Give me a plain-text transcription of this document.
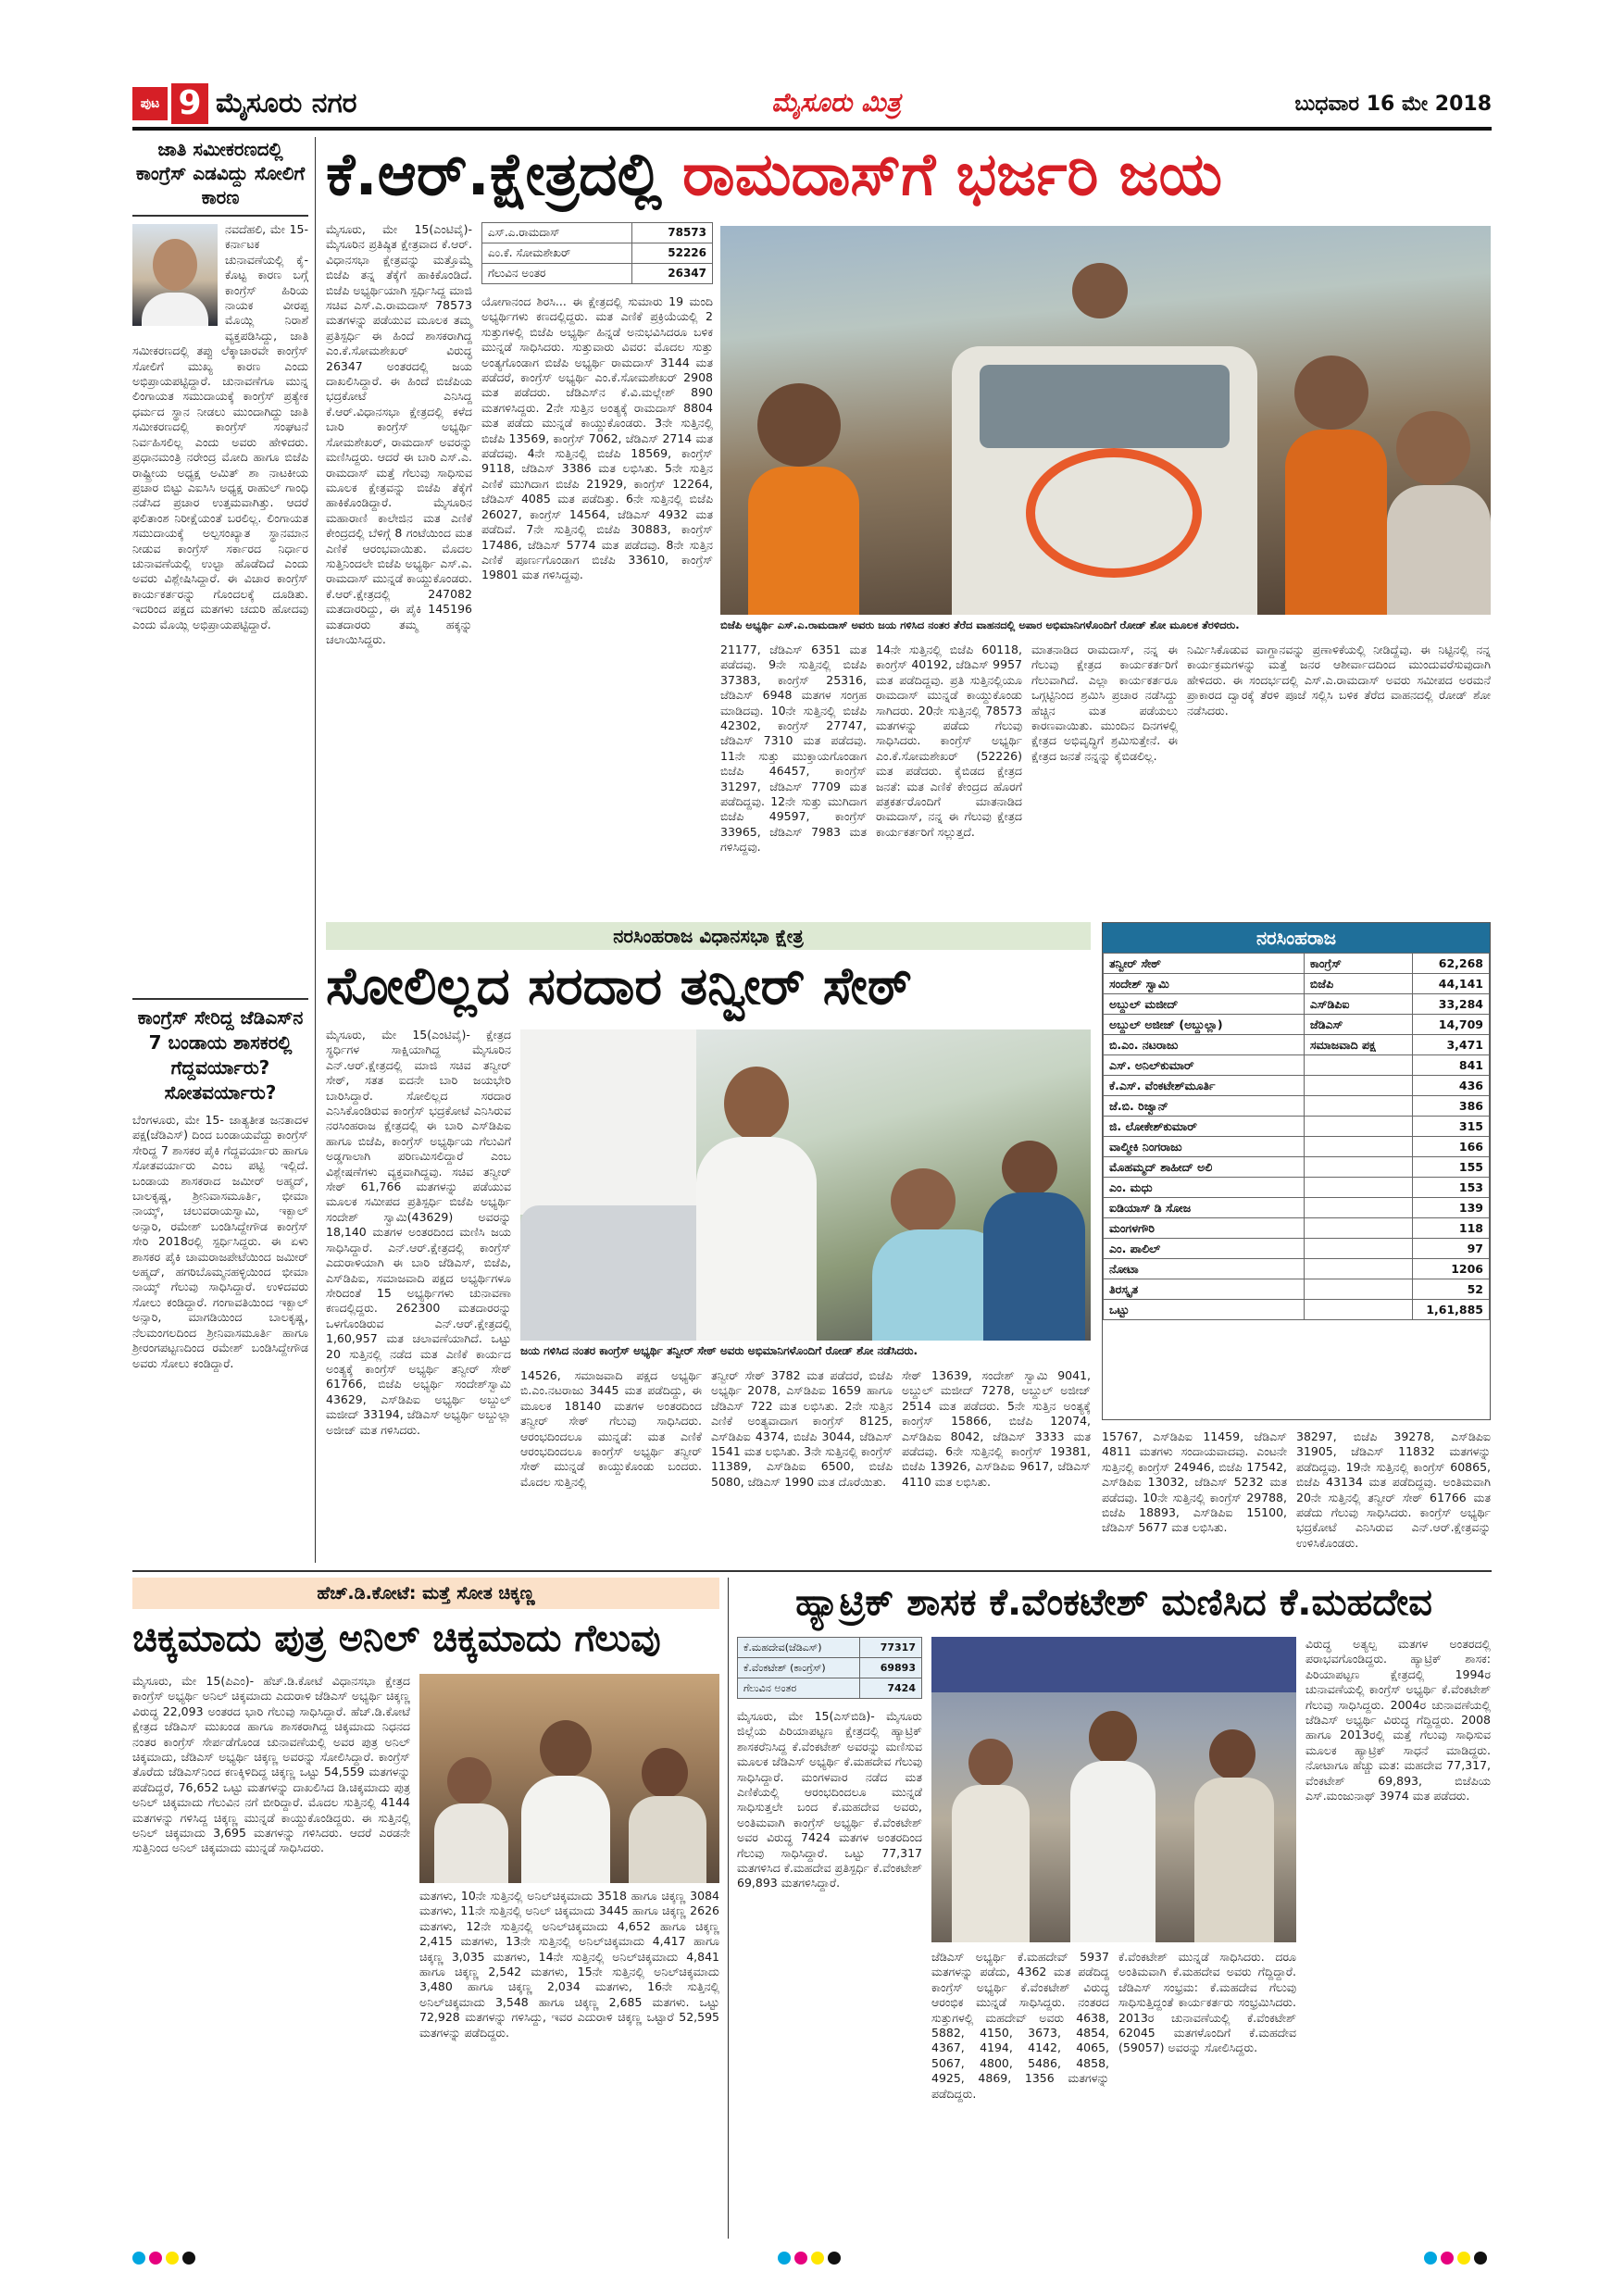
ಪುಟ 9 ಮೈಸೂರು ನಗರ	ಮೈಸೂರು ಮಿತ್ರ	ಬುಧವಾರ 16 ಮೇ 2018
ಜಾತಿ ಸಮೀಕರಣದಲ್ಲಿ ಕಾಂಗ್ರೆಸ್ ಎಡವಿದ್ದು ಸೋಲಿಗೆ ಕಾರಣ
ನವದೆಹಲಿ, ಮೇ 15- ಕರ್ನಾಟಕ ಚುನಾವಣೆಯಲ್ಲಿ ಕೈ-ಕೊಟ್ಟ ಕಾರಣ ಬಗ್ಗೆ ಕಾಂಗ್ರೆಸ್ ಹಿರಿಯ ನಾಯಕ ವೀರಪ್ಪ ಮೊಯ್ಲಿ ನಿರಾಶೆ ವ್ಯಕ್ತಪಡಿಸಿದ್ದು, ಜಾತಿ ಸಮೀಕರಣದಲ್ಲಿ ತಪ್ಪು ಲೆಕ್ಕಾಚಾರವೇ ಕಾಂಗ್ರೆಸ್ ಸೋಲಿಗೆ ಮುಖ್ಯ ಕಾರಣ ಎಂದು ಅಭಿಪ್ರಾಯಪಟ್ಟಿದ್ದಾರೆ. ಚುನಾವಣೆಗೂ ಮುನ್ನ ಲಿಂಗಾಯತ ಸಮುದಾಯಕ್ಕೆ ಕಾಂಗ್ರೆಸ್ ಪ್ರತ್ಯೇಕ ಧರ್ಮದ ಸ್ಥಾನ ನೀಡಲು ಮುಂದಾಗಿದ್ದು ಜಾತಿ ಸಮೀಕರಣದಲ್ಲಿ ಕಾಂಗ್ರೆಸ್ ಸಂಘಟನೆ ನಿರ್ವಹಿಸಲಿಲ್ಲ ಎಂದು ಅವರು ಹೇಳಿದರು. ಪ್ರಧಾನಮಂತ್ರಿ ನರೇಂದ್ರ ಮೋದಿ ಹಾಗೂ ಬಿಜೆಪಿ ರಾಷ್ಟ್ರೀಯ ಅಧ್ಯಕ್ಷ ಅಮಿತ್ ಶಾ ನಾಟಕೀಯ ಪ್ರಚಾರ ಬಿಟ್ಟು ಎಐಸಿಸಿ ಅಧ್ಯಕ್ಷ ರಾಹುಲ್ ಗಾಂಧಿ ನಡೆಸಿದ ಪ್ರಚಾರ ಉತ್ತಮವಾಗಿತ್ತು. ಆದರೆ ಫಲಿತಾಂಶ ನಿರೀಕ್ಷೆಯಂತೆ ಬರಲಿಲ್ಲ. ಲಿಂಗಾಯತ ಸಮುದಾಯಕ್ಕೆ ಅಲ್ಪಸಂಖ್ಯಾತ ಸ್ಥಾನಮಾನ ನೀಡುವ ಕಾಂಗ್ರೆಸ್ ಸರ್ಕಾರದ ನಿರ್ಧಾರ ಚುನಾವಣೆಯಲ್ಲಿ ಉಲ್ಟಾ ಹೊಡೆದಿದೆ ಎಂದು ಅವರು ವಿಶ್ಲೇಷಿಸಿದ್ದಾರೆ. ಈ ವಿಚಾರ ಕಾಂಗ್ರೆಸ್ ಕಾರ್ಯಕರ್ತರನ್ನು ಗೊಂದಲಕ್ಕೆ ದೂಡಿತು. ಇದರಿಂದ ಪಕ್ಷದ ಮತಗಳು ಚದುರಿ ಹೋದವು ಎಂದು ಮೊಯ್ಲಿ ಅಭಿಪ್ರಾಯಪಟ್ಟಿದ್ದಾರೆ.
ಕಾಂಗ್ರೆಸ್ ಸೇರಿದ್ದ ಜೆಡಿಎಸ್‌ನ 7 ಬಂಡಾಯ ಶಾಸಕರಲ್ಲಿ ಗೆದ್ದವರ್ಯಾರು? ಸೋತವರ್ಯಾರು?
ಬೆಂಗಳೂರು, ಮೇ 15- ಜಾತ್ಯತೀತ ಜನತಾದಳ ಪಕ್ಷ(ಜೆಡಿಎಸ್) ದಿಂದ ಬಂಡಾಯವೆದ್ದು ಕಾಂಗ್ರೆಸ್ ಸೇರಿದ್ದ 7 ಶಾಸಕರ ಪೈಕಿ ಗೆದ್ದವರ್ಯಾರು ಹಾಗೂ ಸೋತವರ್ಯಾರು ಎಂಬ ಪಟ್ಟಿ ಇಲ್ಲಿದೆ. ಬಂಡಾಯ ಶಾಸಕರಾದ ಜಮೀರ್ ಅಹ್ಮದ್, ಬಾಲಕೃಷ್ಣ, ಶ್ರೀನಿವಾಸಮೂರ್ತಿ, ಭೀಮಾ ನಾಯ್ಕ್, ಚಲುವರಾಯಸ್ವಾಮಿ, ಇಕ್ಬಾಲ್ ಅನ್ಸಾರಿ, ರಮೇಶ್ ಬಂಡಿಸಿದ್ದೇಗೌಡ ಕಾಂಗ್ರೆಸ್ ಸೇರಿ 2018ರಲ್ಲಿ ಸ್ಪರ್ಧಿಸಿದ್ದರು. ಈ ಏಳು ಶಾಸಕರ ಪೈಕಿ ಚಾಮರಾಜಪೇಟೆಯಿಂದ ಜಮೀರ್ ಅಹ್ಮದ್, ಹಗರಿಬೊಮ್ಮನಹಳ್ಳಿಯಿಂದ ಭೀಮಾ ನಾಯ್ಕ್ ಗೆಲುವು ಸಾಧಿಸಿದ್ದಾರೆ. ಉಳಿದವರು ಸೋಲು ಕಂಡಿದ್ದಾರೆ. ಗಂಗಾವತಿಯಿಂದ ಇಕ್ಬಾಲ್ ಅನ್ಸಾರಿ, ಮಾಗಡಿಯಿಂದ ಬಾಲಕೃಷ್ಣ, ನೆಲಮಂಗಲದಿಂದ ಶ್ರೀನಿವಾಸಮೂರ್ತಿ ಹಾಗೂ ಶ್ರೀರಂಗಪಟ್ಟಣದಿಂದ ರಮೇಶ್ ಬಂಡಿಸಿದ್ದೇಗೌಡ ಅವರು ಸೋಲು ಕಂಡಿದ್ದಾರೆ.
ಕೆ.ಆರ್.ಕ್ಷೇತ್ರದಲ್ಲಿ ರಾಮದಾಸ್‌ಗೆ ಭರ್ಜರಿ ಜಯ
ಮೈಸೂರು, ಮೇ 15(ಎಂಟಿವೈ)- ಮೈಸೂರಿನ ಪ್ರತಿಷ್ಠಿತ ಕ್ಷೇತ್ರವಾದ ಕೆ.ಆರ್. ವಿಧಾನಸಭಾ ಕ್ಷೇತ್ರವನ್ನು ಮತ್ತೊಮ್ಮೆ ಬಿಜೆಪಿ ತನ್ನ ತೆಕ್ಕೆಗೆ ಹಾಕಿಕೊಂಡಿದೆ. ಬಿಜೆಪಿ ಅಭ್ಯರ್ಥಿಯಾಗಿ ಸ್ಪರ್ಧಿಸಿದ್ದ ಮಾಜಿ ಸಚಿವ ಎಸ್.ಎ.ರಾಮದಾಸ್ 78573 ಮತಗಳನ್ನು ಪಡೆಯುವ ಮೂಲಕ ತಮ್ಮ ಪ್ರತಿಸ್ಪರ್ಧಿ ಈ ಹಿಂದೆ ಶಾಸಕರಾಗಿದ್ದ ಎಂ.ಕೆ.ಸೋಮಶೇಖರ್ ವಿರುದ್ಧ 26347 ಅಂತರದಲ್ಲಿ ಜಯ ದಾಖಲಿಸಿದ್ದಾರೆ. ಈ ಹಿಂದೆ ಬಿಜೆಪಿಯ ಭದ್ರಕೋಟೆ ಎನಿಸಿದ್ದ ಕೆ.ಆರ್.ವಿಧಾನಸಭಾ ಕ್ಷೇತ್ರದಲ್ಲಿ ಕಳೆದ ಬಾರಿ ಕಾಂಗ್ರೆಸ್ ಅಭ್ಯರ್ಥಿ ಸೋಮಶೇಖರ್, ರಾಮದಾಸ್ ಅವರನ್ನು ಮಣಿಸಿದ್ದರು. ಆದರೆ ಈ ಬಾರಿ ಎಸ್.ಎ. ರಾಮದಾಸ್ ಮತ್ತೆ ಗೆಲುವು ಸಾಧಿಸುವ ಮೂಲಕ ಕ್ಷೇತ್ರವನ್ನು ಬಿಜೆಪಿ ತೆಕ್ಕೆಗೆ ಹಾಕಿಕೊಂಡಿದ್ದಾರೆ. ಮೈಸೂರಿನ ಮಹಾರಾಣಿ ಕಾಲೇಜಿನ ಮತ ಎಣಿಕೆ ಕೇಂದ್ರದಲ್ಲಿ ಬೆಳಿಗ್ಗೆ 8 ಗಂಟೆಯಿಂದ ಮತ ಎಣಿಕೆ ಆರಂಭವಾಯಿತು. ಮೊದಲ ಸುತ್ತಿನಿಂದಲೇ ಬಿಜೆಪಿ ಅಭ್ಯರ್ಥಿ ಎಸ್.ಎ. ರಾಮದಾಸ್ ಮುನ್ನಡೆ ಕಾಯ್ದುಕೊಂಡರು. ಕೆ.ಆರ್.ಕ್ಷೇತ್ರದಲ್ಲಿ 247082 ಮತದಾರರಿದ್ದು, ಈ ಪೈಕಿ 145196 ಮತದಾರರು ತಮ್ಮ ಹಕ್ಕನ್ನು ಚಲಾಯಿಸಿದ್ದರು.
ಎಸ್.ಎ.ರಾಮದಾಸ್	78573
ಎಂ.ಕೆ. ಸೋಮಶೇಖರ್	52226
ಗೆಲುವಿನ ಅಂತರ	26347
ಯೋಗಾನಂದ ಶಿರಸಿ... ಈ ಕ್ಷೇತ್ರದಲ್ಲಿ ಸುಮಾರು 19 ಮಂದಿ ಅಭ್ಯರ್ಥಿಗಳು ಕಣದಲ್ಲಿದ್ದರು. ಮತ ಎಣಿಕೆ ಪ್ರಕ್ರಿಯೆಯಲ್ಲಿ 2 ಸುತ್ತುಗಳಲ್ಲಿ ಬಿಜೆಪಿ ಅಭ್ಯರ್ಥಿ ಹಿನ್ನಡೆ ಅನುಭವಿಸಿದರೂ ಬಳಿಕ ಮುನ್ನಡೆ ಸಾಧಿಸಿದರು. ಸುತ್ತುವಾರು ವಿವರ: ಮೊದಲ ಸುತ್ತು ಅಂತ್ಯಗೊಂಡಾಗ ಬಿಜೆಪಿ ಅಭ್ಯರ್ಥಿ ರಾಮದಾಸ್ 3144 ಮತ ಪಡೆದರೆ, ಕಾಂಗ್ರೆಸ್ ಅಭ್ಯರ್ಥಿ ಎಂ.ಕೆ.ಸೋಮಶೇಖರ್ 2908 ಮತ ಪಡೆದರು. ಜೆಡಿಎಸ್‌ನ ಕೆ.ವಿ.ಮಲ್ಲೇಶ್ 890 ಮತಗಳಿಸಿದ್ದರು. 2ನೇ ಸುತ್ತಿನ ಅಂತ್ಯಕ್ಕೆ ರಾಮದಾಸ್ 8804 ಮತ ಪಡೆದು ಮುನ್ನಡೆ ಕಾಯ್ದುಕೊಂಡರು. 3ನೇ ಸುತ್ತಿನಲ್ಲಿ ಬಿಜೆಪಿ 13569, ಕಾಂಗ್ರೆಸ್ 7062, ಜೆಡಿಎಸ್ 2714 ಮತ ಪಡೆದವು. 4ನೇ ಸುತ್ತಿನಲ್ಲಿ ಬಿಜೆಪಿ 18569, ಕಾಂಗ್ರೆಸ್ 9118, ಜೆಡಿಎಸ್ 3386 ಮತ ಲಭಿಸಿತು. 5ನೇ ಸುತ್ತಿನ ಎಣಿಕೆ ಮುಗಿದಾಗ ಬಿಜೆಪಿ 21929, ಕಾಂಗ್ರೆಸ್ 12264, ಜೆಡಿಎಸ್ 4085 ಮತ ಪಡೆದಿತ್ತು. 6ನೇ ಸುತ್ತಿನಲ್ಲಿ ಬಿಜೆಪಿ 26027, ಕಾಂಗ್ರೆಸ್ 14564, ಜೆಡಿಎಸ್ 4932 ಮತ ಪಡೆದಿವೆ. 7ನೇ ಸುತ್ತಿನಲ್ಲಿ ಬಿಜೆಪಿ 30883, ಕಾಂಗ್ರೆಸ್ 17486, ಜೆಡಿಎಸ್ 5774 ಮತ ಪಡೆದವು. 8ನೇ ಸುತ್ತಿನ ಎಣಿಕೆ ಪೂರ್ಣಗೊಂಡಾಗ ಬಿಜೆಪಿ 33610, ಕಾಂಗ್ರೆಸ್ 19801 ಮತ ಗಳಿಸಿದ್ದವು.
ಬಿಜೆಪಿ ಅಭ್ಯರ್ಥಿ ಎಸ್.ಎ.ರಾಮದಾಸ್ ಅವರು ಜಯ ಗಳಿಸಿದ ನಂತರ ತೆರೆದ ವಾಹನದಲ್ಲಿ ಅಪಾರ ಅಭಿಮಾನಿಗಳೊಂದಿಗೆ ರೋಡ್ ಶೋ ಮೂಲಕ ತೆರಳಿದರು.
21177, ಜೆಡಿಎಸ್ 6351 ಮತ ಪಡೆದವು. 9ನೇ ಸುತ್ತಿನಲ್ಲಿ ಬಿಜೆಪಿ 37383, ಕಾಂಗ್ರೆಸ್ 25316, ಜೆಡಿಎಸ್ 6948 ಮತಗಳ ಸಂಗ್ರಹ ಮಾಡಿದವು. 10ನೇ ಸುತ್ತಿನಲ್ಲಿ ಬಿಜೆಪಿ 42302, ಕಾಂಗ್ರೆಸ್ 27747, ಜೆಡಿಎಸ್ 7310 ಮತ ಪಡೆದವು. 11ನೇ ಸುತ್ತು ಮುಕ್ತಾಯಗೊಂಡಾಗ ಬಿಜೆಪಿ 46457, ಕಾಂಗ್ರೆಸ್ 31297, ಜೆಡಿಎಸ್ 7709 ಮತ ಪಡೆದಿದ್ದವು. 12ನೇ ಸುತ್ತು ಮುಗಿದಾಗ ಬಿಜೆಪಿ 49597, ಕಾಂಗ್ರೆಸ್ 33965, ಜೆಡಿಎಸ್ 7983 ಮತ ಗಳಿಸಿದ್ದವು.
14ನೇ ಸುತ್ತಿನಲ್ಲಿ ಬಿಜೆಪಿ 60118, ಕಾಂಗ್ರೆಸ್ 40192, ಜೆಡಿಎಸ್ 9957 ಮತ ಪಡೆದಿದ್ದವು. ಪ್ರತಿ ಸುತ್ತಿನಲ್ಲಿಯೂ ರಾಮದಾಸ್ ಮುನ್ನಡೆ ಕಾಯ್ದುಕೊಂಡು ಸಾಗಿದರು. 20ನೇ ಸುತ್ತಿನಲ್ಲಿ 78573 ಮತಗಳನ್ನು ಪಡೆದು ಗೆಲುವು ಸಾಧಿಸಿದರು. ಕಾಂಗ್ರೆಸ್ ಅಭ್ಯರ್ಥಿ ಎಂ.ಕೆ.ಸೋಮಶೇಖರ್ (52226) ಮತ ಪಡೆದರು. ಕೈಬಿಡದ ಕ್ಷೇತ್ರದ ಜನತೆ: ಮತ ಎಣಿಕೆ ಕೇಂದ್ರದ ಹೊರಗೆ ಪತ್ರಕರ್ತರೊಂದಿಗೆ ಮಾತನಾಡಿದ ರಾಮದಾಸ್, ನನ್ನ ಈ ಗೆಲುವು ಕ್ಷೇತ್ರದ ಕಾರ್ಯಕರ್ತರಿಗೆ ಸಲ್ಲುತ್ತದೆ.
ಮಾತನಾಡಿದ ರಾಮದಾಸ್, ನನ್ನ ಈ ಗೆಲುವು ಕ್ಷೇತ್ರದ ಕಾರ್ಯಕರ್ತರಿಗೆ ಗೆಲುವಾಗಿದೆ. ಎಲ್ಲಾ ಕಾರ್ಯಕರ್ತರೂ ಒಗ್ಗಟ್ಟಿನಿಂದ ಶ್ರಮಿಸಿ ಪ್ರಚಾರ ನಡೆಸಿದ್ದು ಹೆಚ್ಚಿನ ಮತ ಪಡೆಯಲು ಕಾರಣವಾಯಿತು. ಮುಂದಿನ ದಿನಗಳಲ್ಲಿ ಕ್ಷೇತ್ರದ ಅಭಿವೃದ್ಧಿಗೆ ಶ್ರಮಿಸುತ್ತೇನೆ. ಈ ಕ್ಷೇತ್ರದ ಜನತೆ ನನ್ನನ್ನು ಕೈಬಿಡಲಿಲ್ಲ.
ನಿರ್ಮಿಸಿಕೊಡುವ ವಾಗ್ದಾನವನ್ನು ಪ್ರಣಾಳಿಕೆಯಲ್ಲಿ ನೀಡಿದ್ದೆವು. ಈ ನಿಟ್ಟಿನಲ್ಲಿ ನನ್ನ ಕಾರ್ಯಕ್ರಮಗಳನ್ನು ಮತ್ತೆ ಜನರ ಆಶೀರ್ವಾದದಿಂದ ಮುಂದುವರೆಸುವುದಾಗಿ ಹೇಳಿದರು. ಈ ಸಂದರ್ಭದಲ್ಲಿ ಎಸ್.ಎ.ರಾಮದಾಸ್ ಅವರು ಸಮೀಪದ ಅರಮನೆ ಪ್ರಾಕಾರದ ದ್ವಾರಕ್ಕೆ ತೆರಳಿ ಪೂಜೆ ಸಲ್ಲಿಸಿ ಬಳಿಕ ತೆರೆದ ವಾಹನದಲ್ಲಿ ರೋಡ್ ಶೋ ನಡೆಸಿದರು.
ನರಸಿಂಹರಾಜ ವಿಧಾನಸಭಾ ಕ್ಷೇತ್ರ
ಸೋಲಿಲ್ಲದ ಸರದಾರ ತನ್ವೀರ್ ಸೇಠ್
ಮೈಸೂರು, ಮೇ 15(ಎಂಟಿವೈ)- ಕ್ಷೇತ್ರದ ಸ್ಥರ್ಧಿಗಳ ಸಾಕ್ಷಿಯಾಗಿದ್ದ ಮೈಸೂರಿನ ಎನ್.ಆರ್.ಕ್ಷೇತ್ರದಲ್ಲಿ ಮಾಜಿ ಸಚಿವ ತನ್ವೀರ್ ಸೇಠ್, ಸತತ ಐದನೇ ಬಾರಿ ಜಯಭೇರಿ ಬಾರಿಸಿದ್ದಾರೆ. ಸೋಲಿಲ್ಲದ ಸರದಾರ ಎನಿಸಿಕೊಂಡಿರುವ ಕಾಂಗ್ರೆಸ್ ಭದ್ರಕೋಟೆ ಎನಿಸಿರುವ ನರಸಿಂಹರಾಜ ಕ್ಷೇತ್ರದಲ್ಲಿ ಈ ಬಾರಿ ಎಸ್‌ಡಿಪಿಐ ಹಾಗೂ ಬಿಜೆಪಿ, ಕಾಂಗ್ರೆಸ್ ಅಭ್ಯರ್ಥಿಯ ಗೆಲುವಿಗೆ ಅಡ್ಡಗಾಲಾಗಿ ಪರಿಣಮಿಸಲಿದ್ದಾರೆ ಎಂಬ ವಿಶ್ಲೇಷಣೆಗಳು ವ್ಯಕ್ತವಾಗಿದ್ದವು. ಸಚಿವ ತನ್ವೀರ್ ಸೇಠ್ 61,766 ಮತಗಳನ್ನು ಪಡೆಯುವ ಮೂಲಕ ಸಮೀಪದ ಪ್ರತಿಸ್ಪರ್ಧಿ ಬಿಜೆಪಿ ಅಭ್ಯರ್ಥಿ ಸಂದೇಶ್ ಸ್ವಾಮಿ(43629) ಅವರನ್ನು 18,140 ಮತಗಳ ಅಂತರದಿಂದ ಮಣಿಸಿ ಜಯ ಸಾಧಿಸಿದ್ದಾರೆ. ಎನ್.ಆರ್.ಕ್ಷೇತ್ರದಲ್ಲಿ ಕಾಂಗ್ರೆಸ್ ಎದುರಾಳಿಯಾಗಿ ಈ ಬಾರಿ ಜೆಡಿಎಸ್, ಬಿಜೆಪಿ, ಎಸ್‌ಡಿಪಿಐ, ಸಮಾಜವಾದಿ ಪಕ್ಷದ ಅಭ್ಯರ್ಥಿಗಳೂ ಸೇರಿದಂತೆ 15 ಅಭ್ಯರ್ಥಿಗಳು ಚುನಾವಣಾ ಕಣದಲ್ಲಿದ್ದರು. 262300 ಮತದಾರರನ್ನು ಒಳಗೊಂಡಿರುವ ಎನ್.ಆರ್.ಕ್ಷೇತ್ರದಲ್ಲಿ 1,60,957 ಮತ ಚಲಾವಣೆಯಾಗಿದೆ. ಒಟ್ಟು 20 ಸುತ್ತಿನಲ್ಲಿ ನಡೆದ ಮತ ಎಣಿಕೆ ಕಾರ್ಯದ ಅಂತ್ಯಕ್ಕೆ ಕಾಂಗ್ರೆಸ್ ಅಭ್ಯರ್ಥಿ ತನ್ವೀರ್ ಸೇಠ್ 61766, ಬಿಜೆಪಿ ಅಭ್ಯರ್ಥಿ ಸಂದೇಶ್‌ಸ್ವಾಮಿ 43629, ಎಸ್‌ಡಿಪಿಐ ಅಭ್ಯರ್ಥಿ ಅಬ್ದುಲ್ ಮಜೀದ್ 33194, ಜೆಡಿಎಸ್ ಅಭ್ಯರ್ಥಿ ಅಬ್ದುಲ್ಲಾ ಅಜೀಜ್ ಮತ ಗಳಿಸಿದರು.
ಜಯ ಗಳಿಸಿದ ನಂತರ ಕಾಂಗ್ರೆಸ್ ಅಭ್ಯರ್ಥಿ ತನ್ವೀರ್ ಸೇಠ್ ಅವರು ಅಭಿಮಾನಿಗಳೊಂದಿಗೆ ರೋಡ್ ಶೋ ನಡೆಸಿದರು.
14526, ಸಮಾಜವಾದಿ ಪಕ್ಷದ ಅಭ್ಯರ್ಥಿ ಬಿ.ಎಂ.ನಟರಾಜು 3445 ಮತ ಪಡೆದಿದ್ದು, ಈ ಮೂಲಕ 18140 ಮತಗಳ ಅಂತರದಿಂದ ತನ್ವೀರ್ ಸೇಠ್ ಗೆಲುವು ಸಾಧಿಸಿದರು. ಆರಂಭದಿಂದಲೂ ಮುನ್ನಡೆ: ಮತ ಎಣಿಕೆ ಆರಂಭದಿಂದಲೂ ಕಾಂಗ್ರೆಸ್ ಅಭ್ಯರ್ಥಿ ತನ್ವೀರ್ ಸೇಠ್ ಮುನ್ನಡೆ ಕಾಯ್ದುಕೊಂಡು ಬಂದರು. ಮೊದಲ ಸುತ್ತಿನಲ್ಲಿ
ತನ್ವೀರ್ ಸೇಠ್ 3782 ಮತ ಪಡೆದರೆ, ಬಿಜೆಪಿ ಅಭ್ಯರ್ಥಿ 2078, ಎಸ್‌ಡಿಪಿಐ 1659 ಹಾಗೂ ಜೆಡಿಎಸ್ 722 ಮತ ಲಭಿಸಿತು. 2ನೇ ಸುತ್ತಿನ ಎಣಿಕೆ ಅಂತ್ಯವಾದಾಗ ಕಾಂಗ್ರೆಸ್ 8125, ಎಸ್‌ಡಿಪಿಐ 4374, ಬಿಜೆಪಿ 3044, ಜೆಡಿಎಸ್ 1541 ಮತ ಲಭಿಸಿತು. 3ನೇ ಸುತ್ತಿನಲ್ಲಿ ಕಾಂಗ್ರೆಸ್ 11389, ಎಸ್‌ಡಿಪಿಐ 6500, ಬಿಜೆಪಿ 5080, ಜೆಡಿಎಸ್ 1990 ಮತ ದೊರೆಯಿತು.
ಸೇಠ್ 13639, ಸಂದೇಶ್ ಸ್ವಾಮಿ 9041, ಅಬ್ದುಲ್ ಮಜೀದ್ 7278, ಅಬ್ದುಲ್ ಅಜೀಜ್ 2514 ಮತ ಪಡೆದರು. 5ನೇ ಸುತ್ತಿನ ಅಂತ್ಯಕ್ಕೆ ಕಾಂಗ್ರೆಸ್ 15866, ಬಿಜೆಪಿ 12074, ಎಸ್‌ಡಿಪಿಐ 8042, ಜೆಡಿಎಸ್ 3333 ಮತ ಪಡೆದವು. 6ನೇ ಸುತ್ತಿನಲ್ಲಿ ಕಾಂಗ್ರೆಸ್ 19381, ಬಿಜೆಪಿ 13926, ಎಸ್‌ಡಿಪಿಐ 9617, ಜೆಡಿಎಸ್ 4110 ಮತ ಲಭಿಸಿತು.
ನರಸಿಂಹರಾಜ
ತನ್ವೀರ್ ಸೇಠ್	ಕಾಂಗ್ರೆಸ್	62,268
ಸಂದೇಶ್ ಸ್ವಾಮಿ	ಬಿಜೆಪಿ	44,141
ಅಬ್ದುಲ್ ಮಜೀದ್	ಎಸ್‌ಡಿಪಿಐ	33,284
ಅಬ್ದುಲ್ ಅಜೀಜ್ (ಅಬ್ದುಲ್ಲಾ)	ಜೆಡಿಎಸ್	14,709
ಬಿ.ಎಂ. ನಟರಾಜು	ಸಮಾಜವಾದಿ ಪಕ್ಷ	3,471
ಎಸ್. ಅನಿಲ್‌ಕುಮಾರ್		841
ಕೆ.ಎಸ್. ವೆಂಕಟೇಶ್‌ಮೂರ್ತಿ		436
ಜೆ.ಬಿ. ರಿಜ್ವಾನ್		386
ಜಿ. ಲೋಕೇಶ್‌ಕುಮಾರ್		315
ವಾಲ್ಮೀಕಿ ನಿಂಗರಾಜು		166
ಮೊಹಮ್ಮದ್ ಶಾಹೀದ್ ಅಲಿ		155
ಎಂ. ಮಧು		153
ಐಡಿಯಾಸ್ ಡಿ ಸೋಜ		139
ಮಂಗಳಗೌರಿ		118
ಎಂ. ಪಾಲಿಲ್		97
ನೋಟಾ		1206
ತಿರಸ್ಕೃತ		52
ಒಟ್ಟು		1,61,885
15767, ಎಸ್‌ಡಿಪಿಐ 11459, ಜೆಡಿಎಸ್ 4811 ಮತಗಳು ಸಂದಾಯವಾದವು. ಎಂಟನೇ ಸುತ್ತಿನಲ್ಲಿ ಕಾಂಗ್ರೆಸ್ 24946, ಬಿಜೆಪಿ 17542, ಎಸ್‌ಡಿಪಿಐ 13032, ಜೆಡಿಎಸ್ 5232 ಮತ ಪಡೆದವು. 10ನೇ ಸುತ್ತಿನಲ್ಲಿ ಕಾಂಗ್ರೆಸ್ 29788, ಬಿಜೆಪಿ 18893, ಎಸ್‌ಡಿಪಿಐ 15100, ಜೆಡಿಎಸ್ 5677 ಮತ ಲಭಿಸಿತು.
38297, ಬಿಜೆಪಿ 39278, ಎಸ್‌ಡಿಪಿಐ 31905, ಜೆಡಿಎಸ್ 11832 ಮತಗಳನ್ನು ಪಡೆದಿದ್ದವು. 19ನೇ ಸುತ್ತಿನಲ್ಲಿ ಕಾಂಗ್ರೆಸ್ 60865, ಬಿಜೆಪಿ 43134 ಮತ ಪಡೆದಿದ್ದವು. ಅಂತಿಮವಾಗಿ 20ನೇ ಸುತ್ತಿನಲ್ಲಿ ತನ್ವೀರ್ ಸೇಠ್ 61766 ಮತ ಪಡೆದು ಗೆಲುವು ಸಾಧಿಸಿದರು. ಕಾಂಗ್ರೆಸ್ ಅಭ್ಯರ್ಥಿ ಭದ್ರಕೋಟೆ ಎನಿಸಿರುವ ಎನ್.ಆರ್.ಕ್ಷೇತ್ರವನ್ನು ಉಳಿಸಿಕೊಂಡರು.
ಹೆಚ್.ಡಿ.ಕೋಟೆ: ಮತ್ತೆ ಸೋತ ಚಿಕ್ಕಣ್ಣ
ಚಿಕ್ಕಮಾದು ಪುತ್ರ ಅನಿಲ್ ಚಿಕ್ಕಮಾದು ಗೆಲುವು
ಮೈಸೂರು, ಮೇ 15(ಪಿಎಂ)- ಹೆಚ್.ಡಿ.ಕೋಟೆ ವಿಧಾನಸಭಾ ಕ್ಷೇತ್ರದ ಕಾಂಗ್ರೆಸ್ ಅಭ್ಯರ್ಥಿ ಅನಿಲ್ ಚಿಕ್ಕಮಾದು ಎದುರಾಳಿ ಜೆಡಿಎಸ್ ಅಭ್ಯರ್ಥಿ ಚಿಕ್ಕಣ್ಣ ವಿರುದ್ಧ 22,093 ಅಂತರದ ಭಾರಿ ಗೆಲುವು ಸಾಧಿಸಿದ್ದಾರೆ. ಹೆಚ್.ಡಿ.ಕೋಟೆ ಕ್ಷೇತ್ರದ ಜೆಡಿಎಸ್ ಮುಖಂಡ ಹಾಗೂ ಶಾಸಕರಾಗಿದ್ದ ಚಿಕ್ಕಮಾದು ನಿಧನದ ನಂತರ ಕಾಂಗ್ರೆಸ್ ಸೇರ್ಪಡೆಗೊಂಡ ಚುನಾವಣೆಯಲ್ಲಿ ಅವರ ಪುತ್ರ ಅನಿಲ್ ಚಿಕ್ಕಮಾದು, ಜೆಡಿಎಸ್ ಅಭ್ಯರ್ಥಿ ಚಿಕ್ಕಣ್ಣ ಅವರನ್ನು ಸೋಲಿಸಿದ್ದಾರೆ. ಕಾಂಗ್ರೆಸ್ ತೊರೆದು ಜೆಡಿಎಸ್‌ನಿಂದ ಕಣಕ್ಕಿಳಿದಿದ್ದ ಚಿಕ್ಕಣ್ಣ ಒಟ್ಟು 54,559 ಮತಗಳನ್ನು ಪಡೆದಿದ್ದರೆ, 76,652 ಒಟ್ಟು ಮತಗಳನ್ನು ದಾಖಲಿಸಿದ ಡಿ.ಚಿಕ್ಕಮಾದು ಪುತ್ರ ಅನಿಲ್ ಚಿಕ್ಕಮಾದು ಗೆಲುವಿನ ನಗೆ ಬೀರಿದ್ದಾರೆ. ಮೊದಲ ಸುತ್ತಿನಲ್ಲಿ 4144 ಮತಗಳನ್ನು ಗಳಿಸಿದ್ದ ಚಿಕ್ಕಣ್ಣ ಮುನ್ನಡೆ ಕಾಯ್ದುಕೊಂಡಿದ್ದರು. ಈ ಸುತ್ತಿನಲ್ಲಿ ಅನಿಲ್ ಚಿಕ್ಕಮಾದು 3,695 ಮತಗಳನ್ನು ಗಳಿಸಿದರು. ಆದರೆ ಎರಡನೇ ಸುತ್ತಿನಿಂದ ಅನಿಲ್ ಚಿಕ್ಕಮಾದು ಮುನ್ನಡೆ ಸಾಧಿಸಿದರು.
ಮತಗಳು, 10ನೇ ಸುತ್ತಿನಲ್ಲಿ ಅನಿಲ್‌ಚಿಕ್ಕಮಾದು 3518 ಹಾಗೂ ಚಿಕ್ಕಣ್ಣ 3084 ಮತಗಳು, 11ನೇ ಸುತ್ತಿನಲ್ಲಿ ಅನಿಲ್ ಚಿಕ್ಕಮಾದು 3445 ಹಾಗೂ ಚಿಕ್ಕಣ್ಣ 2626 ಮತಗಳು, 12ನೇ ಸುತ್ತಿನಲ್ಲಿ ಅನಿಲ್‌ಚಿಕ್ಕಮಾದು 4,652 ಹಾಗೂ ಚಿಕ್ಕಣ್ಣ 2,415 ಮತಗಳು, 13ನೇ ಸುತ್ತಿನಲ್ಲಿ ಅನಿಲ್‌ಚಿಕ್ಕಮಾದು 4,417 ಹಾಗೂ ಚಿಕ್ಕಣ್ಣ 3,035 ಮತಗಳು, 14ನೇ ಸುತ್ತಿನಲ್ಲಿ ಅನಿಲ್‌ಚಿಕ್ಕಮಾದು 4,841 ಹಾಗೂ ಚಿಕ್ಕಣ್ಣ 2,542 ಮತಗಳು, 15ನೇ ಸುತ್ತಿನಲ್ಲಿ ಅನಿಲ್‌ಚಿಕ್ಕಮಾದು 3,480 ಹಾಗೂ ಚಿಕ್ಕಣ್ಣ 2,034 ಮತಗಳು, 16ನೇ ಸುತ್ತಿನಲ್ಲಿ ಅನಿಲ್‌ಚಿಕ್ಕಮಾದು 3,548 ಹಾಗೂ ಚಿಕ್ಕಣ್ಣ 2,685 ಮತಗಳು. ಒಟ್ಟು 72,928 ಮತಗಳನ್ನು ಗಳಿಸಿದ್ದು, ಇವರ ಎದುರಾಳಿ ಚಿಕ್ಕಣ್ಣ ಒಟ್ಟಾರೆ 52,595 ಮತಗಳನ್ನು ಪಡೆದಿದ್ದರು.
ಹ್ಯಾಟ್ರಿಕ್ ಶಾಸಕ ಕೆ.ವೆಂಕಟೇಶ್ ಮಣಿಸಿದ ಕೆ.ಮಹದೇವ
ಕೆ.ಮಹದೇವ(ಜೆಡಿಎಸ್)	77317
ಕೆ.ವೆಂಕಟೇಶ್ (ಕಾಂಗ್ರೆಸ್)	69893
ಗೆಲುವಿನ ಅಂತರ	7424
ಮೈಸೂರು, ಮೇ 15(ಎಸ್‌ಬಿಡಿ)- ಮೈಸೂರು ಜಿಲ್ಲೆಯ ಪಿರಿಯಾಪಟ್ಟಣ ಕ್ಷೇತ್ರದಲ್ಲಿ ಹ್ಯಾಟ್ರಿಕ್ ಶಾಸಕರೆನಿಸಿದ್ದ ಕೆ.ವೆಂಕಟೇಶ್ ಅವರನ್ನು ಮಣಿಸುವ ಮೂಲಕ ಜೆಡಿಎಸ್ ಅಭ್ಯರ್ಥಿ ಕೆ.ಮಹದೇವ ಗೆಲುವು ಸಾಧಿಸಿದ್ದಾರೆ. ಮಂಗಳವಾರ ನಡೆದ ಮತ ಎಣಿಕೆಯಲ್ಲಿ ಆರಂಭದಿಂದಲೂ ಮುನ್ನಡೆ ಸಾಧಿಸುತ್ತಲೇ ಬಂದ ಕೆ.ಮಹದೇವ ಅವರು, ಅಂತಿಮವಾಗಿ ಕಾಂಗ್ರೆಸ್ ಅಭ್ಯರ್ಥಿ ಕೆ.ವೆಂಕಟೇಶ್ ಅವರ ವಿರುದ್ಧ 7424 ಮತಗಳ ಅಂತರದಿಂದ ಗೆಲುವು ಸಾಧಿಸಿದ್ದಾರೆ. ಒಟ್ಟು 77,317 ಮತಗಳಿಸಿದ ಕೆ.ಮಹದೇವ ಪ್ರತಿಸ್ಪರ್ಧಿ ಕೆ.ವೆಂಕಟೇಶ್ 69,893 ಮತಗಳಿಸಿದ್ದಾರೆ.
ಜೆಡಿಎಸ್ ಅಭ್ಯರ್ಥಿ ಕೆ.ಮಹದೇವ್ 5937 ಮತಗಳನ್ನು ಪಡೆದು, 4362 ಮತ ಪಡೆದಿದ್ದ ಕಾಂಗ್ರೆಸ್ ಅಭ್ಯರ್ಥಿ ಕೆ.ವೆಂಕಟೇಶ್ ವಿರುದ್ಧ ಆರಂಭಿಕ ಮುನ್ನಡೆ ಸಾಧಿಸಿದ್ದರು. ನಂತರದ ಸುತ್ತುಗಳಲ್ಲಿ ಮಹದೇವ್ ಅವರು 4638, 5882, 4150, 3673, 4854, 4367, 4194, 4142, 4065, 5067, 4800, 5486, 4858, 4925, 4869, 1356 ಮತಗಳನ್ನು ಪಡೆದಿದ್ದರು.
ಕೆ.ವೆಂಕಟೇಶ್ ಮುನ್ನಡೆ ಸಾಧಿಸಿದರು. ದರೂ ಅಂತಿಮವಾಗಿ ಕೆ.ಮಹದೇವ ಅವರು ಗೆದ್ದಿದ್ದಾರೆ. ಜೆಡಿಎಸ್ ಸಂಭ್ರಮ: ಕೆ.ಮಹದೇವ ಗೆಲುವು ಸಾಧಿಸುತ್ತಿದ್ದಂತೆ ಕಾರ್ಯಕರ್ತರು ಸಂಭ್ರಮಿಸಿದರು. 2013ರ ಚುನಾವಣೆಯಲ್ಲಿ ಕೆ.ವೆಂಕಟೇಶ್ 62045 ಮತಗಳೊಂದಿಗೆ ಕೆ.ಮಹದೇವ (59057) ಅವರನ್ನು ಸೋಲಿಸಿದ್ದರು.
ವಿರುದ್ಧ ಅತ್ಯಲ್ಪ ಮತಗಳ ಅಂತರದಲ್ಲಿ ಪರಾಭವಗೊಂಡಿದ್ದರು. ಹ್ಯಾಟ್ರಿಕ್ ಶಾಸಕ: ಪಿರಿಯಾಪಟ್ಟಣ ಕ್ಷೇತ್ರದಲ್ಲಿ 1994ರ ಚುನಾವಣೆಯಲ್ಲಿ ಕಾಂಗ್ರೆಸ್ ಅಭ್ಯರ್ಥಿ ಕೆ.ವೆಂಕಟೇಶ್ ಗೆಲುವು ಸಾಧಿಸಿದ್ದರು. 2004ರ ಚುನಾವಣೆಯಲ್ಲಿ ಜೆಡಿಎಸ್ ಅಭ್ಯರ್ಥಿ ವಿರುದ್ಧ ಗೆದ್ದಿದ್ದರು. 2008 ಹಾಗೂ 2013ರಲ್ಲಿ ಮತ್ತೆ ಗೆಲುವು ಸಾಧಿಸುವ ಮೂಲಕ ಹ್ಯಾಟ್ರಿಕ್ ಸಾಧನೆ ಮಾಡಿದ್ದರು. ನೋಟಾಗೂ ಹೆಚ್ಚು ಮತ: ಮಹದೇವ 77,317, ವೆಂಕಟೇಶ್ 69,893, ಬಿಜೆಪಿಯ ಎಸ್.ಮಂಜುನಾಥ್ 3974 ಮತ ಪಡೆದರು.
